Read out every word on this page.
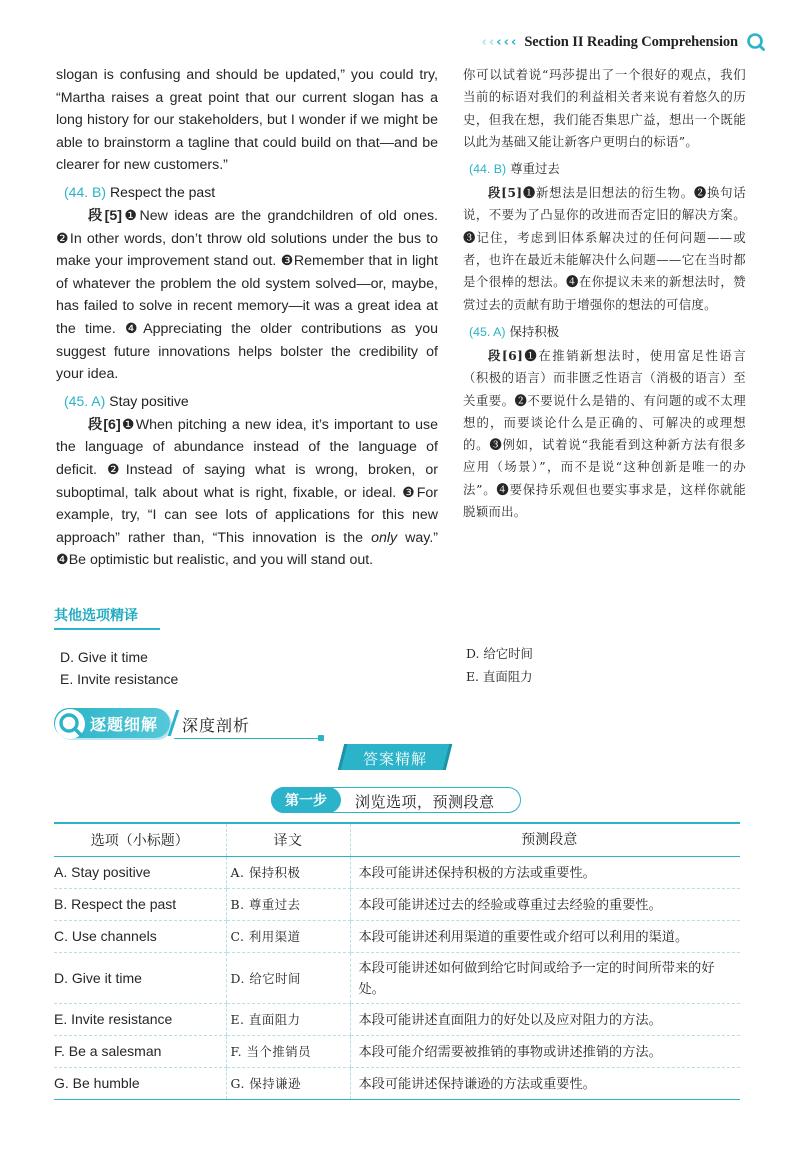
‹ ‹ ‹ ‹ ‹ Section II Reading Comprehension

slogan is confusing and should be updated,” you could try, “Martha raises a great point that our current slogan has a long history for our stakeholders, but I wonder if we might be able to brainstorm a tagline that could build on that—and be clearer for new customers.”

(44. B) Respect the past

段[5]❶New ideas are the grandchildren of old ones. ❷In other words, don’t throw old solutions under the bus to make your improvement stand out. ❸Remember that in light of whatever the problem the old system solved—or, maybe, has failed to solve in recent memory—it was a great idea at the time. ❹Appreciating the older contributions as you suggest future innovations helps bolster the credibility of your idea.

(45. A) Stay positive

段[6]❶When pitching a new idea, it’s important to use the language of abundance instead of the language of deficit. ❷Instead of saying what is wrong, broken, or suboptimal, talk about what is right, fixable, or ideal. ❸For example, try, “I can see lots of applications for this new approach” rather than, “This innovation is the only way.” ❹Be optimistic but realistic, and you will stand out.

你可以试着说“玛莎提出了一个很好的观点，我们当前的标语对我们的利益相关者来说有着悠久的历史，但我在想，我们能否集思广益，想出一个既能以此为基础又能让新客户更明白的标语”。

(44. B) 尊重过去

段[5]❶新想法是旧想法的衍生物。❷换句话说，不要为了凸显你的改进而否定旧的解决方案。❸记住，考虑到旧体系解决过的任何问题——或者，也许在最近未能解决什么问题——它在当时都是个很棒的想法。❹在你提议未来的新想法时，赞赏过去的贡献有助于增强你的想法的可信度。

(45. A) 保持积极

段[6]❶在推销新想法时，使用富足性语言（积极的语言）而非匮乏性语言（消极的语言）至关重要。❷不要说什么是错的、有问题的或不太理想的，而要谈论什么是正确的、可解决的或理想的。❸例如，试着说“我能看到这种新方法有很多应用（场景）”，而不是说“这种创新是唯一的办法”。❹要保持乐观但也要实事求是，这样你就能脱颖而出。

其他选项精译
D. Give it time
E. Invite resistance
D. 给它时间
E. 直面阻力
逐题细解 深度剖析
答案精解
第一步	浏览选项，预测段意
选项（小标题）	译文	预测段意
A. Stay positive	A. 保持积极	本段可能讲述保持积极的方法或重要性。
B. Respect the past	B. 尊重过去	本段可能讲述过去的经验或尊重过去经验的重要性。
C. Use channels	C. 利用渠道	本段可能讲述利用渠道的重要性或介绍可以利用的渠道。
D. Give it time	D. 给它时间	本段可能讲述如何做到给它时间或给予一定的时间所带来的好处。
E. Invite resistance	E. 直面阻力	本段可能讲述直面阻力的好处以及应对阻力的方法。
F. Be a salesman	F. 当个推销员	本段可能介绍需要被推销的事物或讲述推销的方法。
G. Be humble	G. 保持谦逊	本段可能讲述保持谦逊的方法或重要性。
